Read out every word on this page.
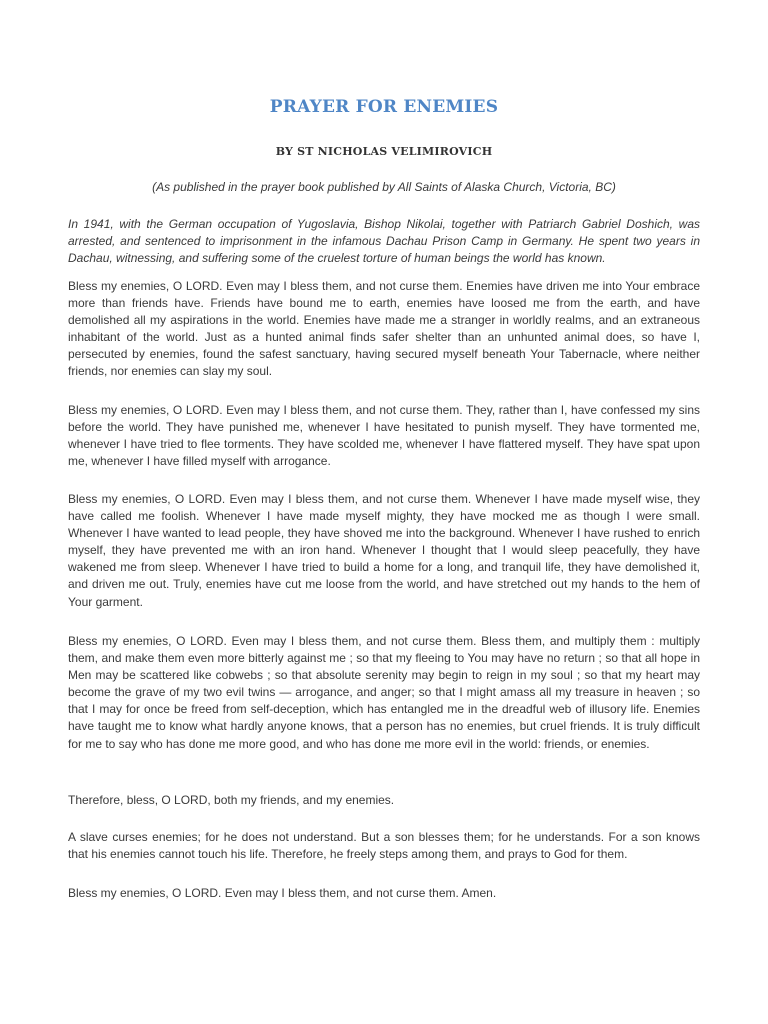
PRAYER FOR ENEMIES
BY ST NICHOLAS VELIMIROVICH
(As published in the prayer book published by All Saints of Alaska Church, Victoria, BC)

In 1941, with the German occupation of Yugoslavia, Bishop Nikolai, together with Patriarch Gabriel Doshich, was arrested, and sentenced to imprisonment in the infamous Dachau Prison Camp in Germany. He spent two years in Dachau, witnessing, and suffering some of the cruelest torture of human beings the world has known.

Bless my enemies, O LORD. Even may I bless them, and not curse them. Enemies have driven me into Your embrace more than friends have. Friends have bound me to earth, enemies have loosed me from the earth, and have demolished all my aspirations in the world. Enemies have made me a stranger in worldly realms, and an extraneous inhabitant of the world. Just as a hunted animal finds safer shelter than an unhunted animal does, so have I, persecuted by enemies, found the safest sanctuary, having secured myself beneath Your Tabernacle, where neither friends, nor enemies can slay my soul.

Bless my enemies, O LORD. Even may I bless them, and not curse them. They, rather than I, have confessed my sins before the world. They have punished me, whenever I have hesitated to punish myself. They have tormented me, whenever I have tried to flee torments. They have scolded me, whenever I have flattered myself. They have spat upon me, whenever I have filled myself with arrogance.

Bless my enemies, O LORD. Even may I bless them, and not curse them. Whenever I have made myself wise, they have called me foolish. Whenever I have made myself mighty, they have mocked me as though I were small. Whenever I have wanted to lead people, they have shoved me into the background. Whenever I have rushed to enrich myself, they have prevented me with an iron hand. Whenever I thought that I would sleep peacefully, they have wakened me from sleep. Whenever I have tried to build a home for a long, and tranquil life, they have demolished it, and driven me out. Truly, enemies have cut me loose from the world, and have stretched out my hands to the hem of Your garment.

Bless my enemies, O LORD. Even may I bless them, and not curse them. Bless them, and multiply them : multiply them, and make them even more bitterly against me ; so that my fleeing to You may have no return ; so that all hope in Men may be scattered like cobwebs ; so that absolute serenity may begin to reign in my soul ; so that my heart may become the grave of my two evil twins — arrogance, and anger; so that I might amass all my treasure in heaven ; so that I may for once be freed from self-deception, which has entangled me in the dreadful web of illusory life. Enemies have taught me to know what hardly anyone knows, that a person has no enemies, but cruel friends. It is truly difficult for me to say who has done me more good, and who has done me more evil in the world: friends, or enemies.

Therefore, bless, O LORD, both my friends, and my enemies.

A slave curses enemies; for he does not understand. But a son blesses them; for he understands. For a son knows that his enemies cannot touch his life. Therefore, he freely steps among them, and prays to God for them.

Bless my enemies, O LORD. Even may I bless them, and not curse them. Amen.
